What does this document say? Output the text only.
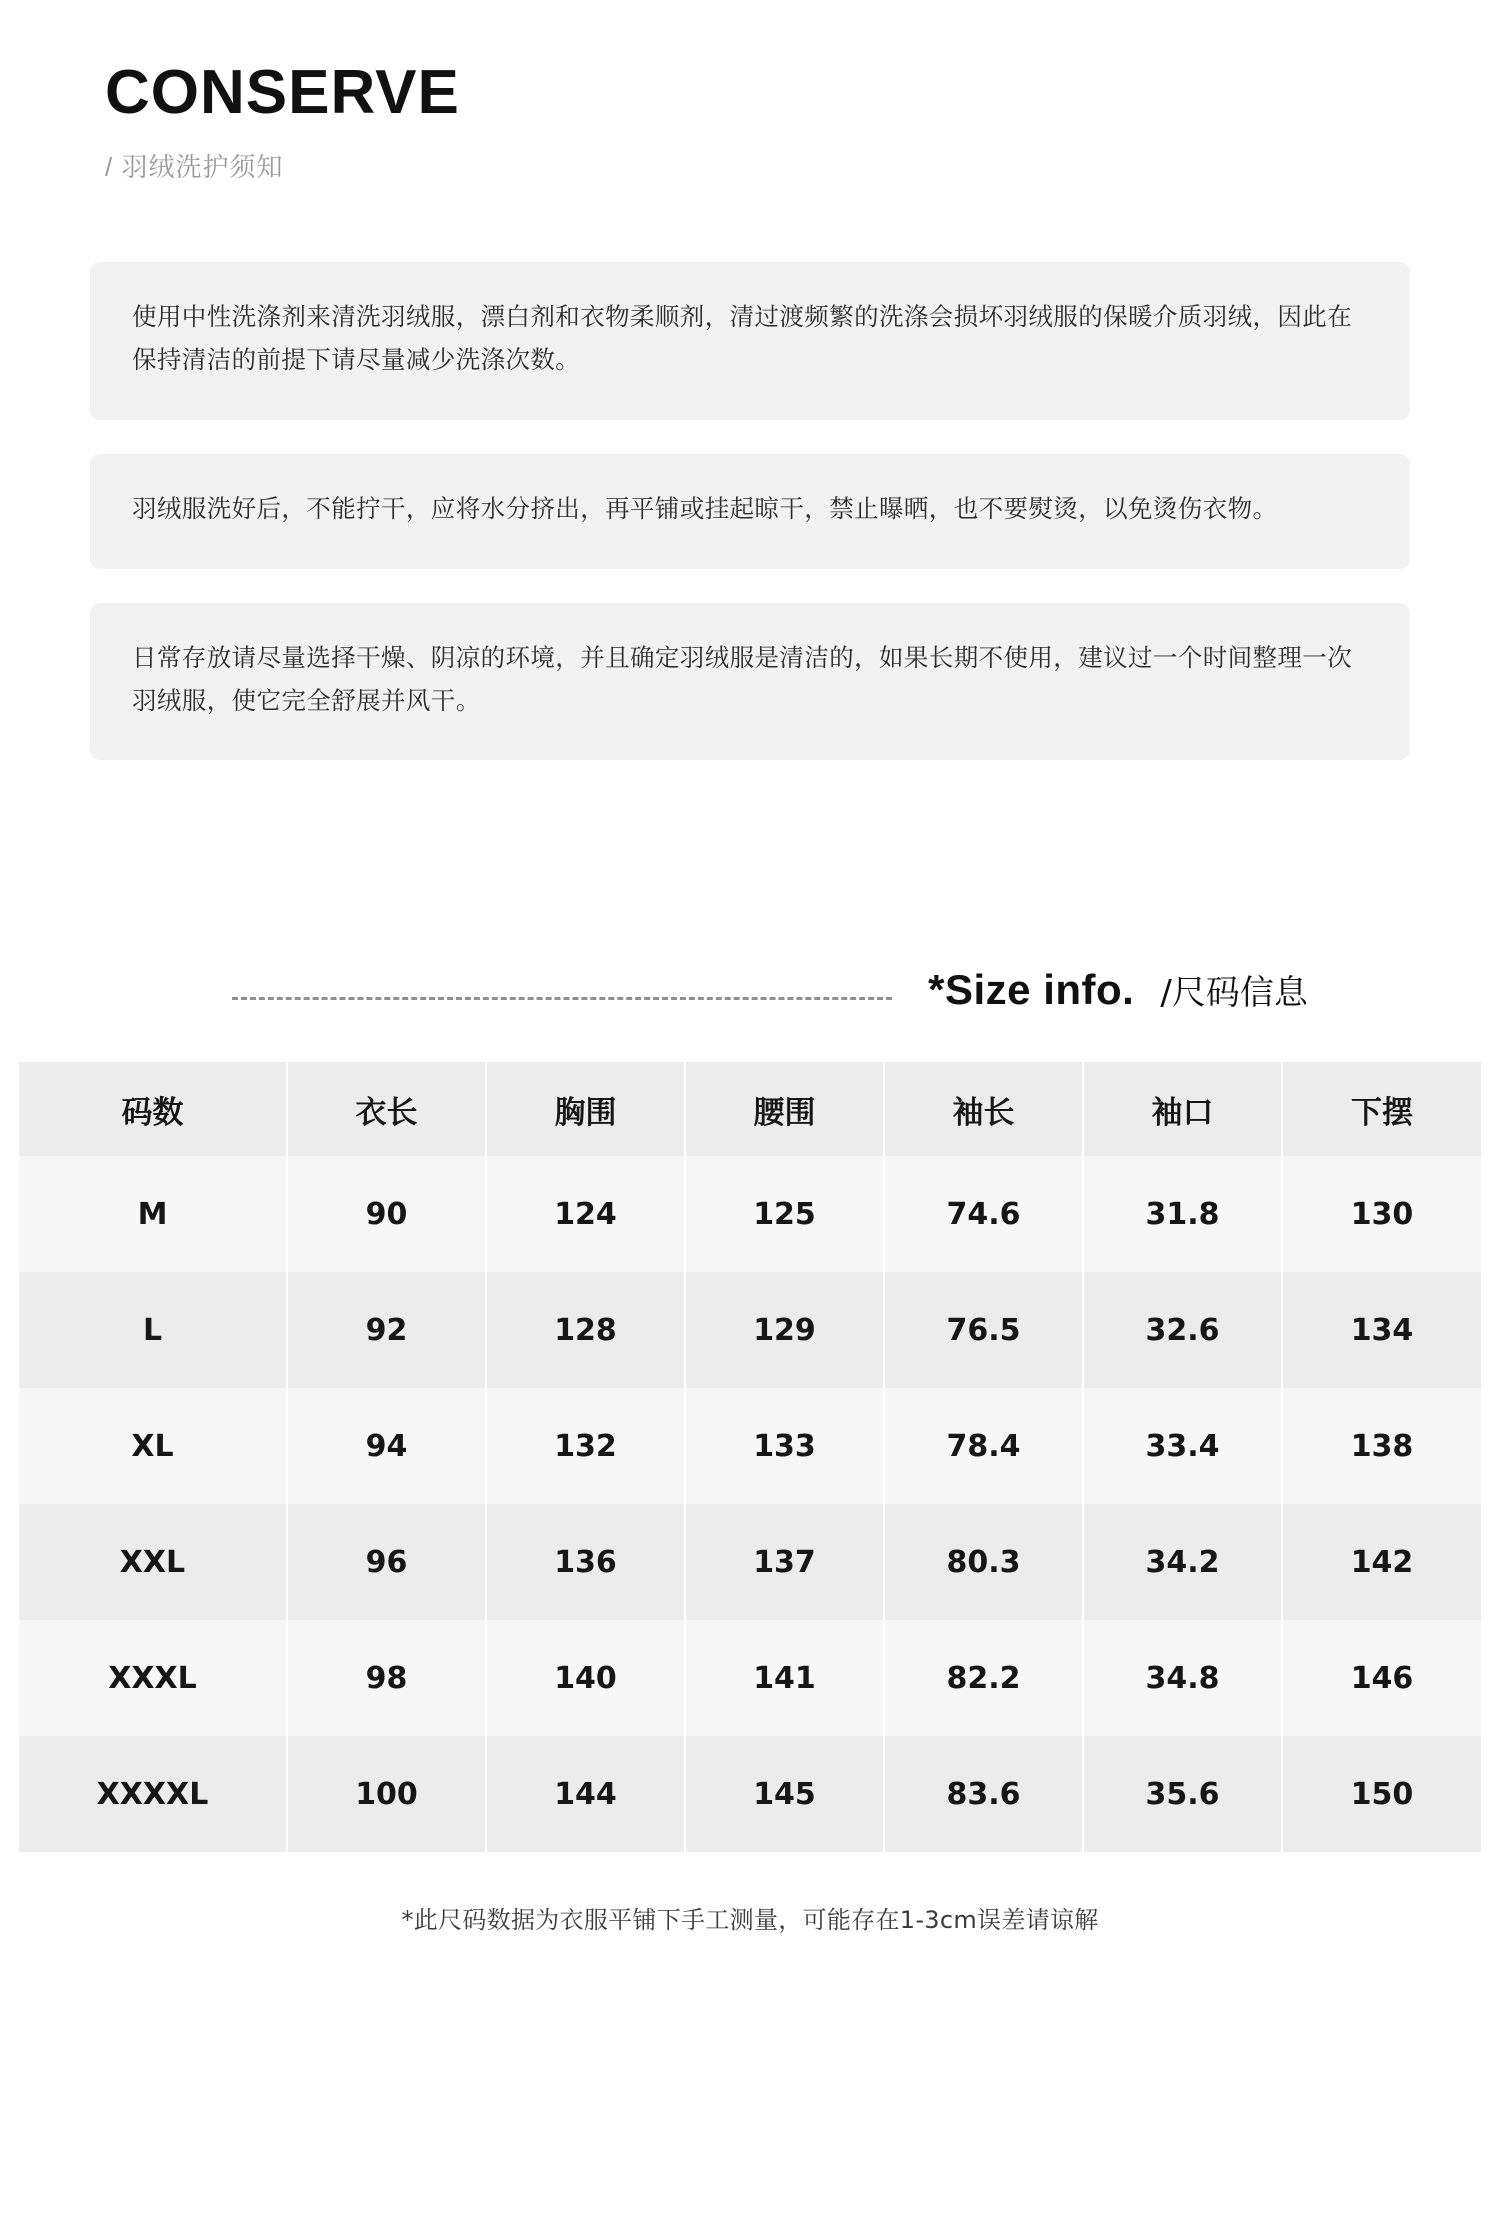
CONSERVE
/ 羽绒洗护须知

使用中性洗涤剂来清洗羽绒服，漂白剂和衣物柔顺剂，清过渡频繁的洗涤会损坏羽绒服的保暖介质羽绒，因此在保持清洁的前提下请尽量减少洗涤次数。

羽绒服洗好后，不能拧干，应将水分挤出，再平铺或挂起晾干，禁止曝晒，也不要熨烫，以免烫伤衣物。

日常存放请尽量选择干燥、阴凉的环境，并且确定羽绒服是清洁的，如果长期不使用，建议过一个时间整理一次羽绒服，使它完全舒展并风干。

*Size info. /尺码信息
码数	衣长	胸围	腰围	袖长	袖口	下摆
M	90	124	125	74.6	31.8	130
L	92	128	129	76.5	32.6	134
XL	94	132	133	78.4	33.4	138
XXL	96	136	137	80.3	34.2	142
XXXL	98	140	141	82.2	34.8	146
XXXXL	100	144	145	83.6	35.6	150
*此尺码数据为衣服平铺下手工测量，可能存在1-3cm误差请谅解
